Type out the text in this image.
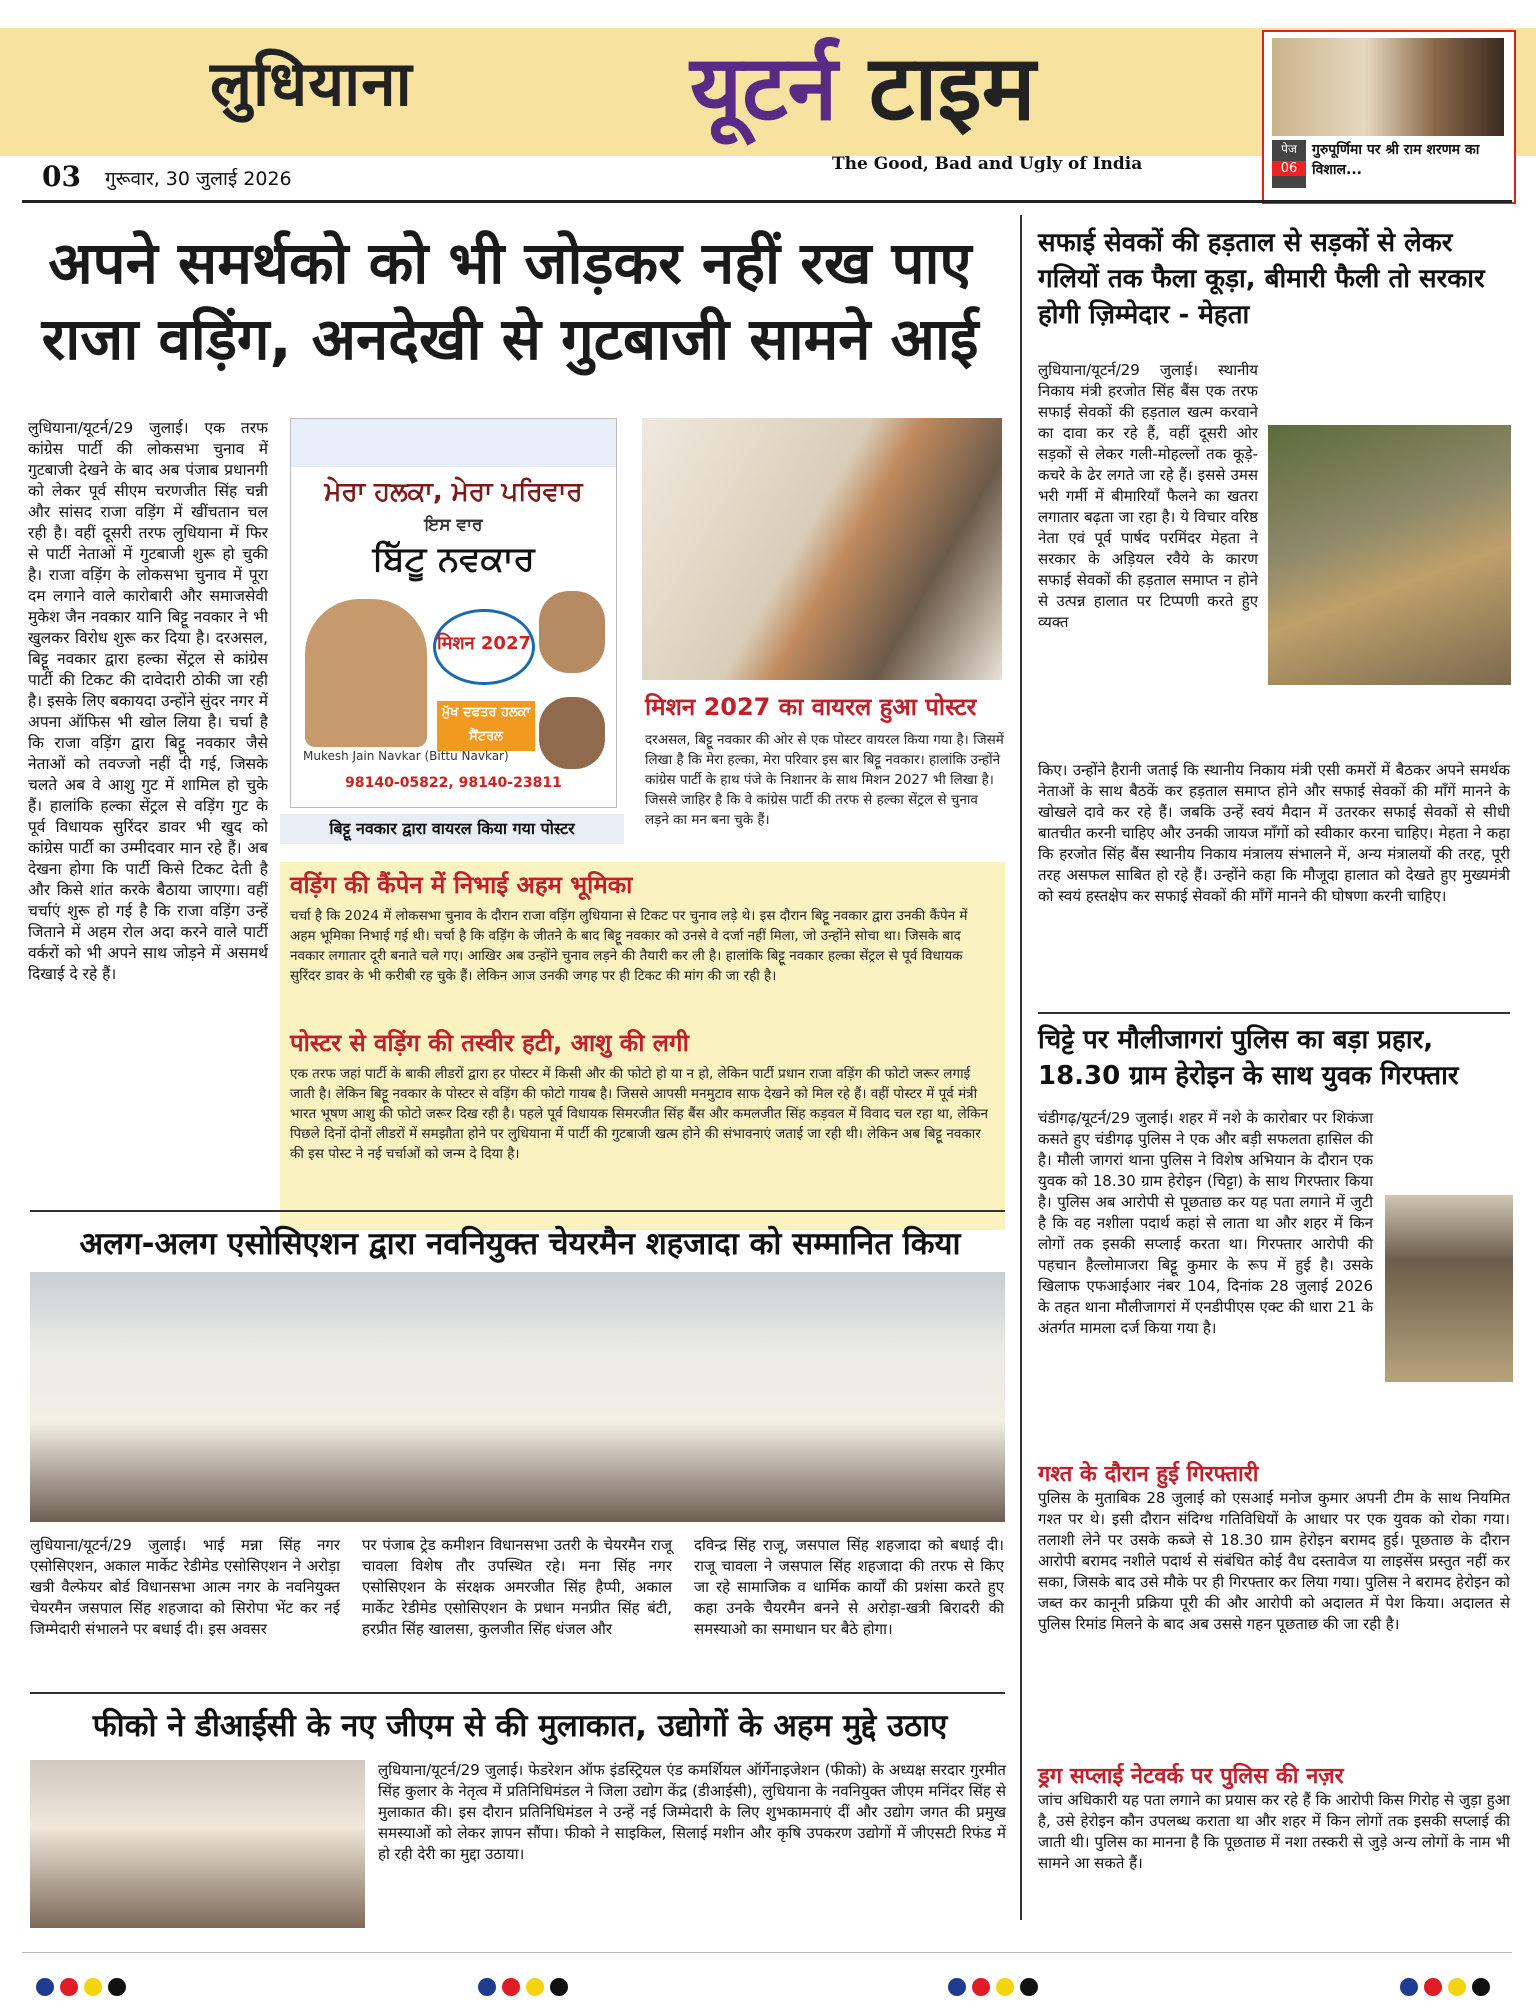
लुधियाना	यूटर्न टाइम
The Good, Bad and Ugly of India
03 गुरूवार, 30 जुलाई 2026
पेज
06
गुरुपूर्णिमा पर श्री राम शरणम का विशाल...
अपने समर्थको को भी जोड़कर नहीं रख पाए
राजा वड़िंग, अनदेखी से गुटबाजी सामने आई
लुधियाना/यूटर्न/29 जुलाई। एक तरफ कांग्रेस पार्टी की लोकसभा चुनाव में गुटबाजी देखने के बाद अब पंजाब प्रधानगी को लेकर पूर्व सीएम चरणजीत सिंह चन्नी और सांसद राजा वड़िंग में खींचतान चल रही है। वहीं दूसरी तरफ लुधियाना में फिर से पार्टी नेताओं में गुटबाजी शुरू हो चुकी है। राजा वड़िंग के लोकसभा चुनाव में पूरा दम लगाने वाले कारोबारी और समाजसेवी मुकेश जैन नवकार यानि बिट्टू नवकार ने भी खुलकर विरोध शुरू कर दिया है। दरअसल, बिट्टू नवकार द्वारा हल्का सेंट्रल से कांग्रेस पार्टी की टिकट की दावेदारी ठोकी जा रही है। इसके लिए बकायदा उन्होंने सुंदर नगर में अपना ऑफिस भी खोल लिया है। चर्चा है कि राजा वड़िंग द्वारा बिट्टू नवकार जैसे नेताओं को तवज्जो नहीं दी गई, जिसके चलते अब वे आशु गुट में शामिल हो चुके हैं। हालांकि हल्का सेंट्रल से वड़िंग गुट के पूर्व विधायक सुरिंदर डावर भी खुद को कांग्रेस पार्टी का उम्मीदवार मान रहे हैं। अब देखना होगा कि पार्टी किसे टिकट देती है और किसे शांत करके बैठाया जाएगा। वहीं चर्चाएं शुरू हो गई है कि राजा वड़िंग उन्हें जिताने में अहम रोल अदा करने वाले पार्टी वर्करों को भी अपने साथ जोड़ने में असमर्थ दिखाई दे रहे हैं।
ਮੇਰਾ ਹਲਕਾ, ਮੇਰਾ ਪਰਿਵਾਰ
ਇਸ ਵਾਰ
ਬਿੱਟੂ ਨਵਕਾਰ
मिशन 2027
ਮੁੱਖ ਦਫਤਰ ਹਲਕਾ ਸੈਂਟਰਲ
Mukesh Jain Navkar (Bittu Navkar)
98140-05822, 98140-23811
बिट्टू नवकार द्वारा वायरल किया गया पोस्टर
मिशन 2027 का वायरल हुआ पोस्टर
दरअसल, बिट्टू नवकार की ओर से एक पोस्टर वायरल किया गया है। जिसमें लिखा है कि मेरा हल्का, मेरा परिवार इस बार बिट्टू नवकार। हालांकि उन्होंने कांग्रेस पार्टी के हाथ पंजे के निशानर के साथ मिशन 2027 भी लिखा है। जिससे जाहिर है कि वे कांग्रेस पार्टी की तरफ से हल्का सेंट्रल से चुनाव लड़ने का मन बना चुके हैं।
वड़िंग की कैंपेन में निभाई अहम भूमिका
चर्चा है कि 2024 में लोकसभा चुनाव के दौरान राजा वड़िंग लुधियाना से टिकट पर चुनाव लड़े थे। इस दौरान बिट्टू नवकार द्वारा उनकी कैंपेन में अहम भूमिका निभाई गई थी। चर्चा है कि वड़िंग के जीतने के बाद बिट्टू नवकार को उनसे वे दर्जा नहीं मिला, जो उन्होंने सोचा था। जिसके बाद नवकार लगातार दूरी बनाते चले गए। आखिर अब उन्होंने चुनाव लड़ने की तैयारी कर ली है। हालांकि बिट्टू नवकार हल्का सेंट्रल से पूर्व विधायक सुरिंदर डावर के भी करीबी रह चुके हैं। लेकिन आज उनकी जगह पर ही टिकट की मांग की जा रही है।
पोस्टर से वड़िंग की तस्वीर हटी, आशु की लगी
एक तरफ जहां पार्टी के बाकी लीडरों द्वारा हर पोस्टर में किसी और की फोटो हो या न हो, लेकिन पार्टी प्रधान राजा वड़िंग की फोटो जरूर लगाई जाती है। लेकिन बिट्टू नवकार के पोस्टर से वड़िंग की फोटो गायब है। जिससे आपसी मनमुटाव साफ देखने को मिल रहे हैं। वहीं पोस्टर में पूर्व मंत्री भारत भूषण आशु की फोटो जरूर दिख रही है। पहले पूर्व विधायक सिमरजीत सिंह बैंस और कमलजीत सिंह कड़वल में विवाद चल रहा था, लेकिन पिछले दिनों दोनों लीडरों में समझौता होने पर लुधियाना में पार्टी की गुटबाजी खत्म होने की संभावनाएं जताई जा रही थी। लेकिन अब बिट्टू नवकार की इस पोस्ट ने नई चर्चाओं को जन्म दे दिया है।
अलग-अलग एसोसिएशन द्वारा नवनियुक्त चेयरमैन शहजादा को सम्मानित किया
लुधियाना/यूटर्न/29 जुलाई। भाई मन्ना सिंह नगर एसोसिएशन, अकाल मार्केट रेडीमेड एसोसिएशन ने अरोड़ा खत्री वैल्फेयर बोर्ड विधानसभा आत्म नगर के नवनियुक्त चेयरमैन जसपाल सिंह शहजादा को सिरोपा भेंट कर नई जिम्मेदारी संभालने पर बधाई दी। इस अवसर
पर पंजाब ट्रेड कमीशन विधानसभा उतरी के चेयरमैन राजू चावला विशेष तौर उपस्थित रहे। मना सिंह नगर एसोसिएशन के संरक्षक अमरजीत सिंह हैप्पी, अकाल मार्केट रेडीमेड एसोसिएशन के प्रधान मनप्रीत सिंह बंटी, हरप्रीत सिंह खालसा, कुलजीत सिंह धंजल और
दविन्द्र सिंह राजू, जसपाल सिंह शहजादा को बधाई दी। राजू चावला ने जसपाल सिंह शहजादा की तरफ से किए जा रहे सामाजिक व धार्मिक कार्यों की प्रशंसा करते हुए कहा उनके चैयरमैन बनने से अरोड़ा-खत्री बिरादरी की समस्याओ का समाधान घर बैठे होगा।
फीको ने डीआईसी के नए जीएम से की मुलाकात, उद्योगों के अहम मुद्दे उठाए
लुधियाना/यूटर्न/29 जुलाई। फेडरेशन ऑफ इंडस्ट्रियल एंड कमर्शियल ऑर्गेनाइजेशन (फीको) के अध्यक्ष सरदार गुरमीत सिंह कुलार के नेतृत्व में प्रतिनिधिमंडल ने जिला उद्योग केंद्र (डीआईसी), लुधियाना के नवनियुक्त जीएम मनिंदर सिंह से मुलाकात की। इस दौरान प्रतिनिधिमंडल ने उन्हें नई जिम्मेदारी के लिए शुभकामनाएं दीं और उद्योग जगत की प्रमुख समस्याओं को लेकर ज्ञापन सौंपा। फीको ने साइकिल, सिलाई मशीन और कृषि उपकरण उद्योगों में जीएसटी रिफंड में हो रही देरी का मुद्दा उठाया।
सफाई सेवकों की हड़ताल से सड़कों से लेकर गलियों तक फैला कूड़ा, बीमारी फैली तो सरकार होगी ज़िम्मेदार - मेहता
लुधियाना/यूटर्न/29 जुलाई। स्थानीय निकाय मंत्री हरजोत सिंह बैंस एक तरफ सफाई सेवकों की हड़ताल खत्म करवाने का दावा कर रहे हैं, वहीं दूसरी ओर सड़कों से लेकर गली-मोहल्लों तक कूड़े-कचरे के ढेर लगते जा रहे हैं। इससे उमस भरी गर्मी में बीमारियाँ फैलने का खतरा लगातार बढ़ता जा रहा है। ये विचार वरिष्ठ नेता एवं पूर्व पार्षद परमिंदर मेहता ने सरकार के अड़ियल रवैये के कारण सफाई सेवकों की हड़ताल समाप्त न होने से उत्पन्न हालात पर टिप्पणी करते हुए व्यक्त
किए। उन्होंने हैरानी जताई कि स्थानीय निकाय मंत्री एसी कमरों में बैठकर अपने समर्थक नेताओं के साथ बैठकें कर हड़ताल समाप्त होने और सफाई सेवकों की माँगें मानने के खोखले दावे कर रहे हैं। जबकि उन्हें स्वयं मैदान में उतरकर सफाई सेवकों से सीधी बातचीत करनी चाहिए और उनकी जायज माँगों को स्वीकार करना चाहिए। मेहता ने कहा कि हरजोत सिंह बैंस स्थानीय निकाय मंत्रालय संभालने में, अन्य मंत्रालयों की तरह, पूरी तरह असफल साबित हो रहे हैं। उन्होंने कहा कि मौजूदा हालात को देखते हुए मुख्यमंत्री को स्वयं हस्तक्षेप कर सफाई सेवकों की माँगें मानने की घोषणा करनी चाहिए।
चिट्टे पर मौलीजागरां पुलिस का बड़ा प्रहार, 18.30 ग्राम हेरोइन के साथ युवक गिरफ्तार
चंडीगढ़/यूटर्न/29 जुलाई। शहर में नशे के कारोबार पर शिकंजा कसते हुए चंडीगढ़ पुलिस ने एक और बड़ी सफलता हासिल की है। मौली जागरां थाना पुलिस ने विशेष अभियान के दौरान एक युवक को 18.30 ग्राम हेरोइन (चिट्टा) के साथ गिरफ्तार किया है। पुलिस अब आरोपी से पूछताछ कर यह पता लगाने में जुटी है कि वह नशीला पदार्थ कहां से लाता था और शहर में किन लोगों तक इसकी सप्लाई करता था। गिरफ्तार आरोपी की पहचान हैल्लोमाजरा बिट्टू कुमार के रूप में हुई है। उसके खिलाफ एफआईआर नंबर 104, दिनांक 28 जुलाई 2026 के तहत थाना मौलीजागरां में एनडीपीएस एक्ट की धारा 21 के अंतर्गत मामला दर्ज किया गया है।
गश्त के दौरान हुई गिरफ्तारी
पुलिस के मुताबिक 28 जुलाई को एसआई मनोज कुमार अपनी टीम के साथ नियमित गश्त पर थे। इसी दौरान संदिग्ध गतिविधियों के आधार पर एक युवक को रोका गया। तलाशी लेने पर उसके कब्जे से 18.30 ग्राम हेरोइन बरामद हुई। पूछताछ के दौरान आरोपी बरामद नशीले पदार्थ से संबंधित कोई वैध दस्तावेज या लाइसेंस प्रस्तुत नहीं कर सका, जिसके बाद उसे मौके पर ही गिरफ्तार कर लिया गया। पुलिस ने बरामद हेरोइन को जब्त कर कानूनी प्रक्रिया पूरी की और आरोपी को अदालत में पेश किया। अदालत से पुलिस रिमांड मिलने के बाद अब उससे गहन पूछताछ की जा रही है।
ड्रग सप्लाई नेटवर्क पर पुलिस की नज़र
जांच अधिकारी यह पता लगाने का प्रयास कर रहे हैं कि आरोपी किस गिरोह से जुड़ा हुआ है, उसे हेरोइन कौन उपलब्ध कराता था और शहर में किन लोगों तक इसकी सप्लाई की जाती थी। पुलिस का मानना है कि पूछताछ में नशा तस्करी से जुड़े अन्य लोगों के नाम भी सामने आ सकते हैं।
